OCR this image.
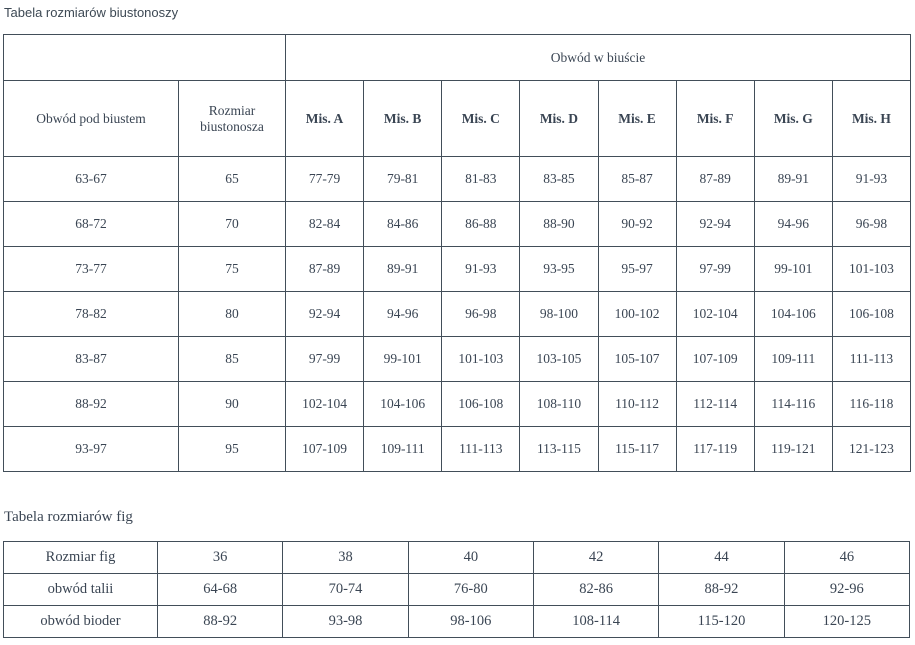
Tabela rozmiarów biustonoszy
		Obwód w biuście							
Obwód pod biustem	Rozmiar biustonosza	Mis. A	Mis. B	Mis. C	Mis. D	Mis. E	Mis. F	Mis. G	Mis. H
63-67	65	77-79	79-81	81-83	83-85	85-87	87-89	89-91	91-93
68-72	70	82-84	84-86	86-88	88-90	90-92	92-94	94-96	96-98
73-77	75	87-89	89-91	91-93	93-95	95-97	97-99	99-101	101-103
78-82	80	92-94	94-96	96-98	98-100	100-102	102-104	104-106	106-108
83-87	85	97-99	99-101	101-103	103-105	105-107	107-109	109-111	111-113
88-92	90	102-104	104-106	106-108	108-110	110-112	112-114	114-116	116-118
93-97	95	107-109	109-111	111-113	113-115	115-117	117-119	119-121	121-123
Tabela rozmiarów fig
Rozmiar fig	36	38	40	42	44	46
obwód talii	64-68	70-74	76-80	82-86	88-92	92-96
obwód bioder	88-92	93-98	98-106	108-114	115-120	120-125
